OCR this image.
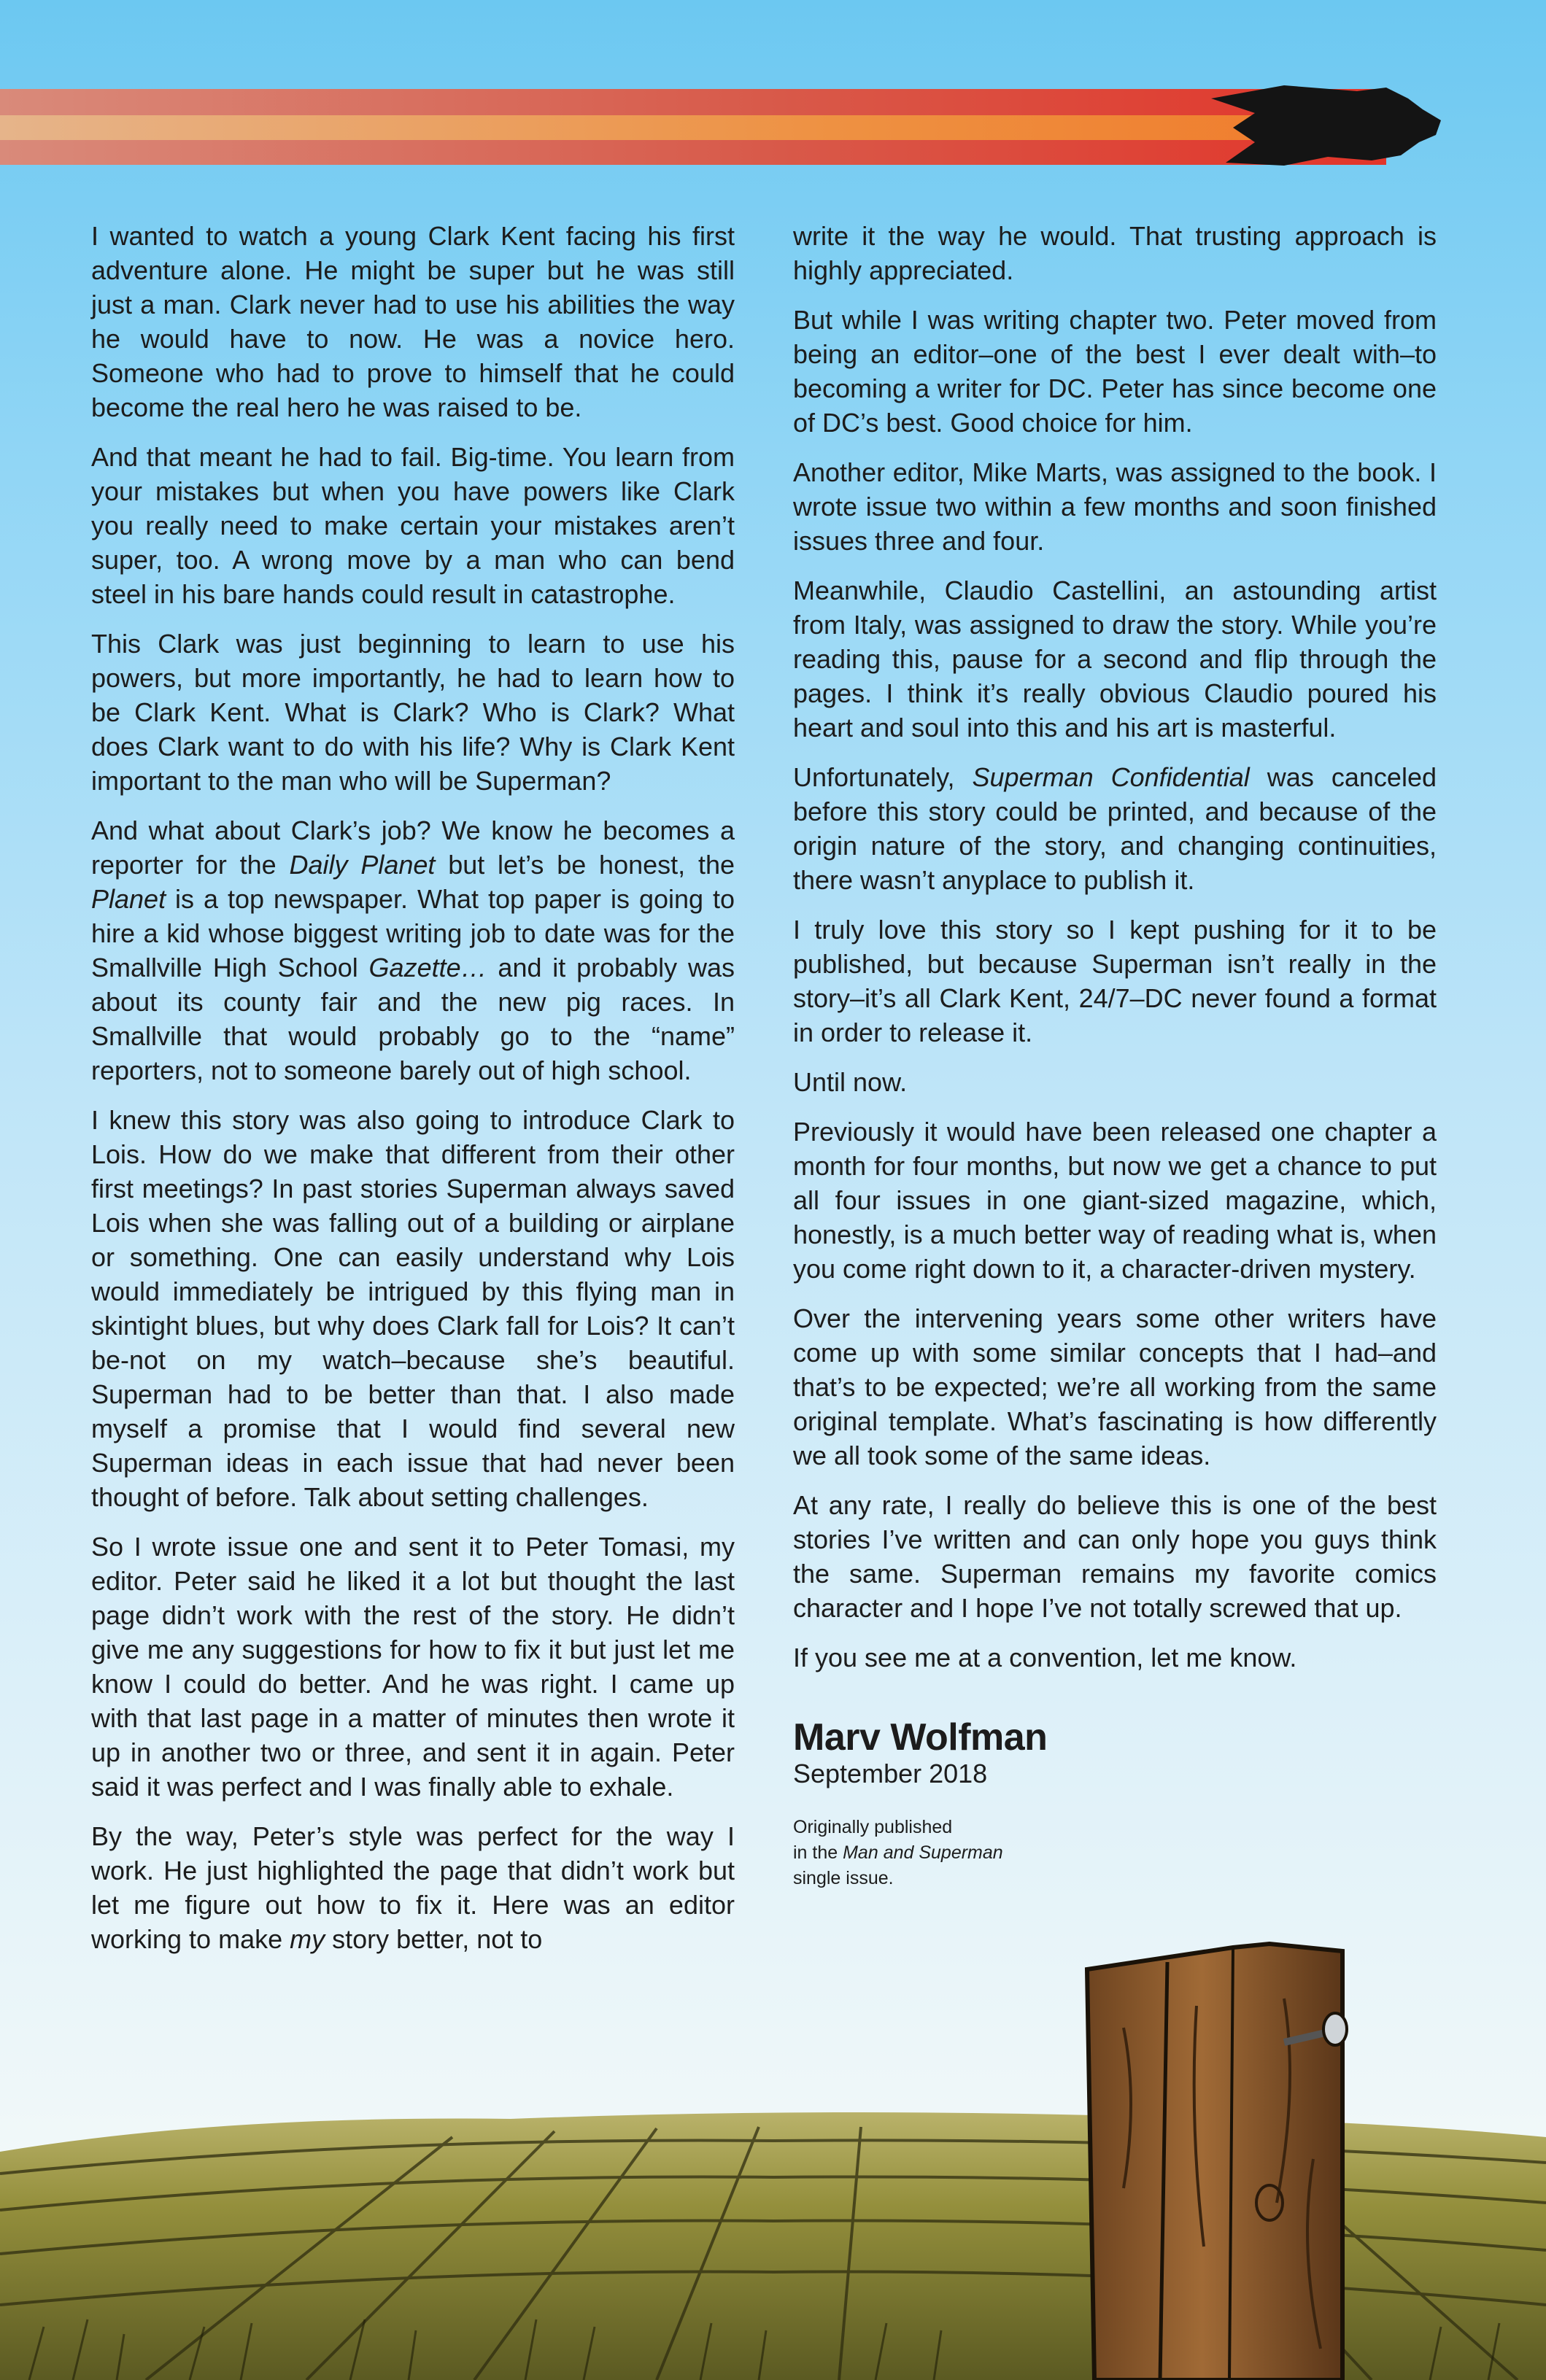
I wanted to watch a young Clark Kent facing his first adventure alone. He might be super but he was still just a man. Clark never had to use his abilities the way he would have to now. He was a novice hero. Someone who had to prove to himself that he could become the real hero he was raised to be.

And that meant he had to fail. Big-time. You learn from your mistakes but when you have powers like Clark you really need to make certain your mistakes aren’t super, too. A wrong move by a man who can bend steel in his bare hands could result in catastrophe.

This Clark was just beginning to learn to use his powers, but more importantly, he had to learn how to be Clark Kent. What is Clark? Who is Clark? What does Clark want to do with his life? Why is Clark Kent important to the man who will be Superman?

And what about Clark’s job? We know he becomes a reporter for the Daily Planet but let’s be honest, the Planet is a top newspaper. What top paper is going to hire a kid whose biggest writing job to date was for the Smallville High School Gazette… and it probably was about its county fair and the new pig races. In Smallville that would probably go to the “name” reporters, not to someone barely out of high school.

I knew this story was also going to introduce Clark to Lois. How do we make that different from their other first meetings? In past stories Superman always saved Lois when she was falling out of a building or airplane or something. One can easily understand why Lois would immediately be intrigued by this flying man in skintight blues, but why does Clark fall for Lois? It can’t be-not on my watch–because she’s beautiful. Superman had to be better than that. I also made myself a promise that I would find several new Superman ideas in each issue that had never been thought of before. Talk about setting challenges.

So I wrote issue one and sent it to Peter Tomasi, my editor. Peter said he liked it a lot but thought the last page didn’t work with the rest of the story. He didn’t give me any suggestions for how to fix it but just let me know I could do better. And he was right. I came up with that last page in a matter of minutes then wrote it up in another two or three, and sent it in again. Peter said it was perfect and I was finally able to exhale.

By the way, Peter’s style was perfect for the way I work. He just highlighted the page that didn’t work but let me figure out how to fix it. Here was an editor working to make my story better, not to

write it the way he would. That trusting approach is highly appreciated.

But while I was writing chapter two. Peter moved from being an editor–one of the best I ever dealt with–to becoming a writer for DC. Peter has since become one of DC’s best. Good choice for him.

Another editor, Mike Marts, was assigned to the book. I wrote issue two within a few months and soon finished issues three and four.

Meanwhile, Claudio Castellini, an astounding artist from Italy, was assigned to draw the story. While you’re reading this, pause for a second and flip through the pages. I think it’s really obvious Claudio poured his heart and soul into this and his art is masterful.

Unfortunately, Superman Confidential was canceled before this story could be printed, and because of the origin nature of the story, and changing continuities, there wasn’t anyplace to publish it.

I truly love this story so I kept pushing for it to be published, but because Superman isn’t really in the story–it’s all Clark Kent, 24/7–DC never found a format in order to release it.

Until now.

Previously it would have been released one chapter a month for four months, but now we get a chance to put all four issues in one giant-sized magazine, which, honestly, is a much better way of reading what is, when you come right down to it, a character-driven mystery.

Over the intervening years some other writers have come up with some similar concepts that I had–and that’s to be expected; we’re all working from the same original template. What’s fascinating is how differently we all took some of the same ideas.

At any rate, I really do believe this is one of the best stories I’ve written and can only hope you guys think the same. Superman remains my favorite comics character and I hope I’ve not totally screwed that up.

If you see me at a convention, let me know.

Marv Wolfman
September 2018
Originally published
in the Man and Superman
single issue.
